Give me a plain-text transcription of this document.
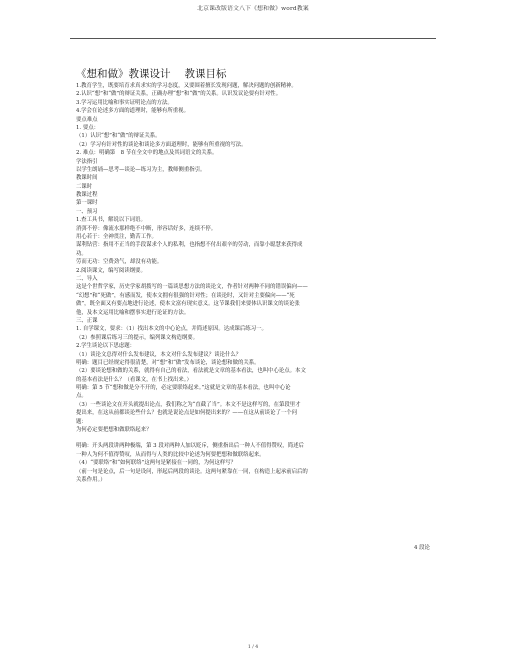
北京课改版语文八下《想和做》word教案
《想和做》教课设计 教课目标
1.教育学生，既要培育求真求实的学习态度，又要围着擅长发现问题，解决问题的创新精神。
2.认识“想”和“做”的辩证关系，正确办理“想”和“做”的关系。认识发议论要有针对性。
3.学习运用比喻和事实证明论点的方法。
4.学会在论述多方面的道理时，能够有所重视。
要点难点
1. 要点：
（1）认识“想”和“做”的辩证关系。
（2）学习有针对性的谈论和谈论多方面道理时，能够有所重视的写法。
2. 难点：明确第　8 节在全文中的地点及其词语文的关系。
学法指引
以学生朗诵—思考—谈论—练习为主，教师侧重指引。
教课时间
二课时
教课过程
第一课时
一、预习
1.查工具书，解说以下词语。
消弭不停：像流水那样绝不中断，形容话好多，连续不停。
用心若于：全神贯注，勤苦工作。
谋利钻营：指用不正当的手段谋求个人的私利，也指想不付出艰辛的劳动，而靠小聪慧来获得成
功。
劳而无功：空费劲气，却没有功能。
2.阅读课文，编写阅读纲要。
二、导入
这是个世哲学家，历史学家胡拨写的一篇谈思想方法的谈论文，作者针对两种不同的错误偏向——
“幻想”和“死做”，有感而发，使本文拥有很强的针对性；在谈论时，又针对主要偏向——“死
做”，既全面又有要点地进行论述，使本文富有现实意义。这节课我们来要体认识课文的谈论张
他，及本文运用比喻和摆事实进行论证的方法。
三、正课
1. 自学课文，要求：（1）找出本文的中心论点，并简述原因。达成课后练习一。
（2）参照课后练习三的提示，编列课文构造纲要。
2.学生谈论以下思虑题：
（1）谈论文总得对什么发布建议，本文对什么发布建议？谈论什么？
明确：题目已经规定得很清楚，对“想”和“做”发布谈论，谈论想和做的关系。
（2）要谈论想和做的关系，就得有自己的看法，看法就是文章的基本看法，也叫中心论点。本文
的基本看法是什么？（看课文，在书上找出来。）
明确：第 5 节“想和做是分不开的，必定要联络起来。”这就是文章的基本看法，也叫中心论
点。
（3）一些谈论文在开头就提出论点，我们称之为“直截了当”。本文不是这样写的，在第段里才
提出来，在这从前都谈论些什么？也就是说论点是如何提出来的？——在这从前谈论了一个问
题：
为何必定要把想和做联络起来？
明确：开头两段讲两种极端，第 3 段对两种人加以贬斥，侧重指出后一种人不值得赞叹，简述后
一种人为何不值得赞叹，从而得与人类的比较中论述为何要把想和做联络起来。
（4）“要联络”和“如何联络”这两句是紧接在一同的，为何这样写？
（前一句是论点，后一句是设问，形起后两段的谈论。这两句紧靠在一同，在构造上起承前启后的
关系作用。）
4 段论
1 / 4
